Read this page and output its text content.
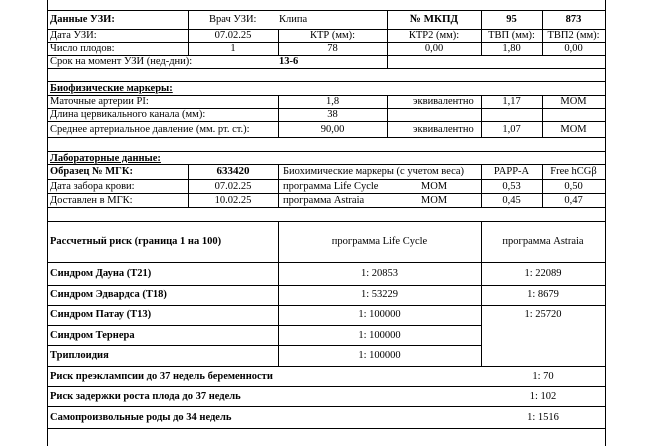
Данные УЗИ:	Врач УЗИ: Клипа	№ МКПД	95	873
Дата УЗИ:	07.02.25	КТР (мм):	КТР2 (мм):	ТВП (мм):	ТВП2 (мм):
Число плодов:	1	78	0,00	1,80	0,00
Срок на момент УЗИ (нед-дни):	13-6
Биофизические маркеры:
Маточные артерии PI:	1,8	эквивалентно	1,17	МОМ
Длина цервикального канала (мм):	38
Среднее артериальное давление (мм. рт. ст.):	90,00	эквивалентно	1,07	МОМ
Лабораторные данные:
Образец № МГК:	633420	Биохимические маркеры (с учетом веса)	PAPP-A	Free hCGβ
Дата забора крови:	07.02.25	программа Life Cycle	МОМ	0,53	0,50
Доставлен в МГК:	10.02.25	программа Astraia	МОМ	0,45	0,47
Рассчетный риск (граница 1 на 100)	программа Life Cycle	программа Astraia
Синдром Дауна (Т21)	1: 20853	1: 22089
Синдром Эдвардса (Т18)	1: 53229	1: 8679
Синдром Патау (Т13)	1: 100000	1: 25720
Синдром Тернера	1: 100000
Триплоидия	1: 100000
Риск преэклампсии до 37 недель беременности	1: 70
Риск задержки роста плода до 37 недель	1: 102
Самопроизвольные роды до 34 недель	1: 1516
